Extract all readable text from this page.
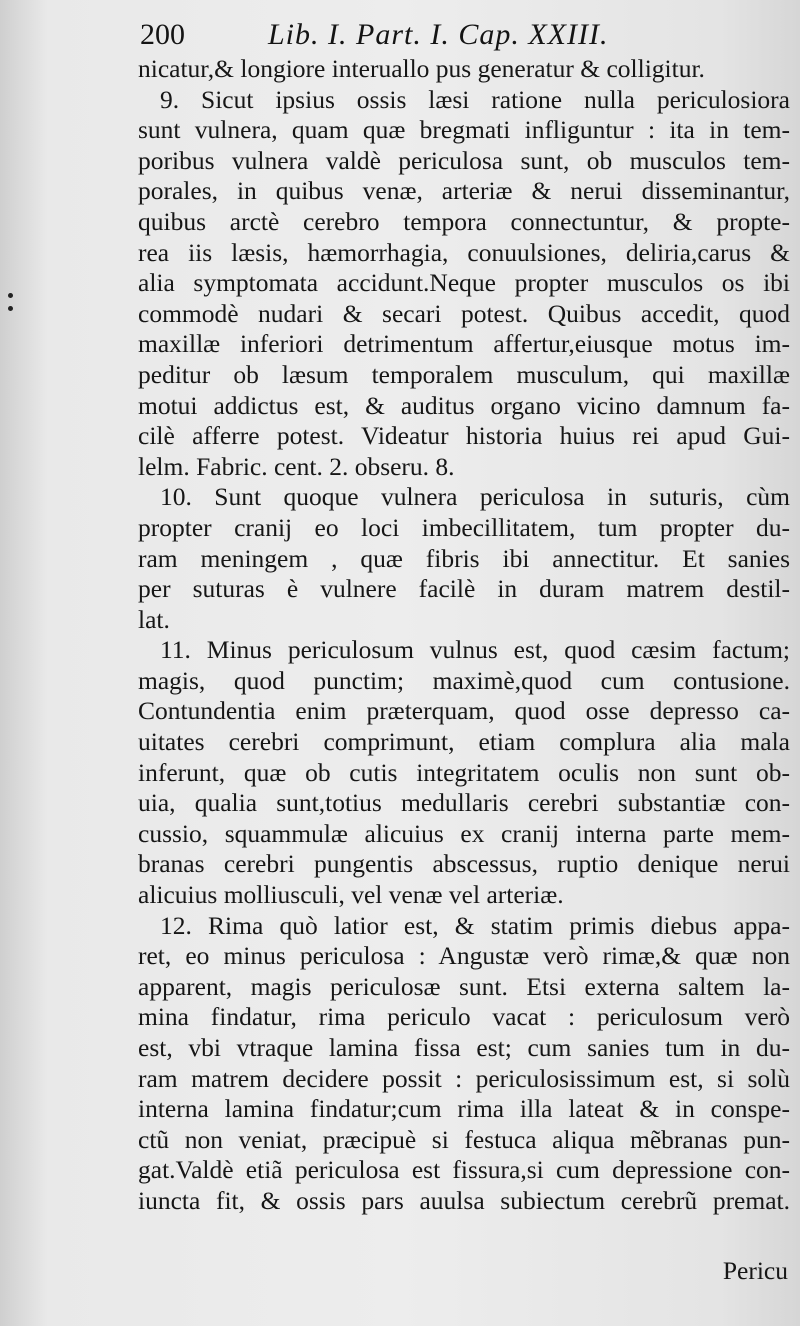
200	Lib. I. Part. I. Cap. XXIII.
nicatur,& longiore interuallo pus generatur & colligitur.
9. Sicut ipsius ossis læsi ratione nulla periculosiora
sunt vulnera, quam quæ bregmati infliguntur : ita in tem-
poribus vulnera valdè periculosa sunt, ob musculos tem-
porales, in quibus venæ, arteriæ & nerui disseminantur,
quibus arctè cerebro tempora connectuntur, & propte-
rea iis læsis, hæmorrhagia, conuulsiones, deliria,carus &
alia symptomata accidunt.Neque propter musculos os ibi
commodè nudari & secari potest. Quibus accedit, quod
maxillæ inferiori detrimentum affertur,eiusque motus im-
peditur ob læsum temporalem musculum, qui maxillæ
motui addictus est, & auditus organo vicino damnum fa-
cilè afferre potest. Videatur historia huius rei apud Gui-
lelm. Fabric. cent. 2. obseru. 8.
10. Sunt quoque vulnera periculosa in suturis, cùm
propter cranij eo loci imbecillitatem, tum propter du-
ram meningem , quæ fibris ibi annectitur. Et sanies
per suturas è vulnere facilè in duram matrem destil-
lat.
11. Minus periculosum vulnus est, quod cæsim factum;
magis, quod punctim; maximè,quod cum contusione.
Contundentia enim præterquam, quod osse depresso ca-
uitates cerebri comprimunt, etiam complura alia mala
inferunt, quæ ob cutis integritatem oculis non sunt ob-
uia, qualia sunt,totius medullaris cerebri substantiæ con-
cussio, squammulæ alicuius ex cranij interna parte mem-
branas cerebri pungentis abscessus, ruptio denique nerui
alicuius molliusculi, vel venæ vel arteriæ.
12. Rima quò latior est, & statim primis diebus appa-
ret, eo minus periculosa : Angustæ verò rimæ,& quæ non
apparent, magis periculosæ sunt. Etsi externa saltem la-
mina findatur, rima periculo vacat : periculosum verò
est, vbi vtraque lamina fissa est; cum sanies tum in du-
ram matrem decidere possit : periculosissimum est, si solù
interna lamina findatur;cum rima illa lateat & in conspe-
ctũ non veniat, præcipuè si festuca aliqua mẽbranas pun-
gat.Valdè etiã periculosa est fissura,si cum depressione con-
iuncta fit, & ossis pars auulsa subiectum cerebrũ premat.
Pericu
